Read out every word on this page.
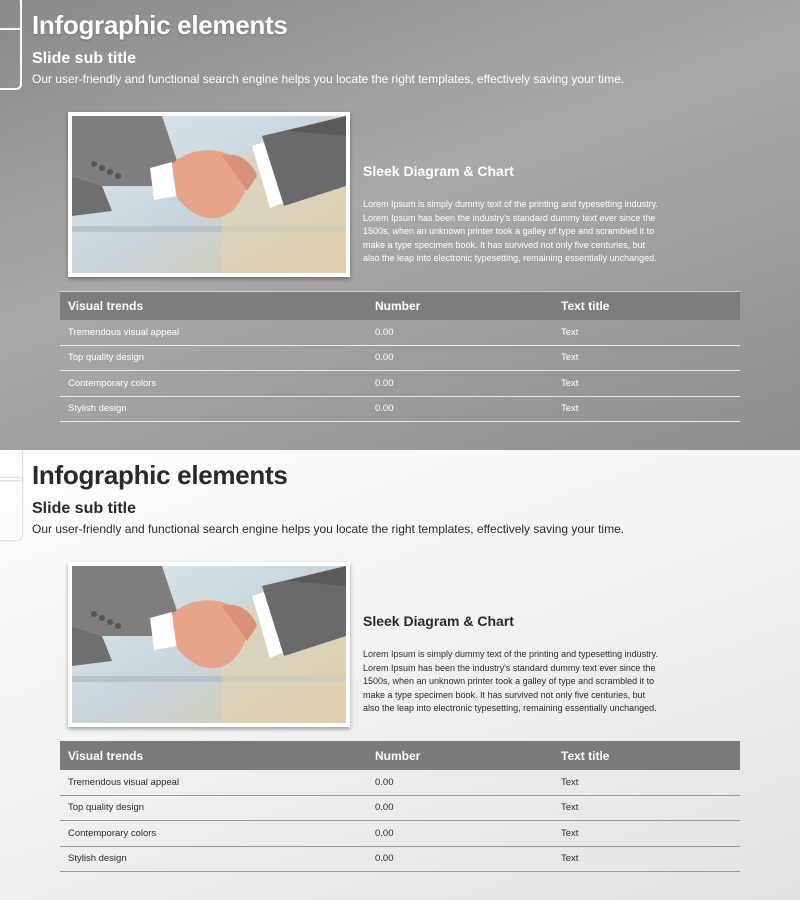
Infographic elements
Slide sub title

Our user-friendly and functional search engine helps you locate the right templates, effectively saving your time.

Sleek Diagram & Chart

Lorem Ipsum is simply dummy text of the printing and typesetting industry. Lorem Ipsum has been the industry's standard dummy text ever since the 1500s, when an unknown printer took a galley of type and scrambled it to make a type specimen book. It has survived not only five centuries, but also the leap into electronic typesetting, remaining essentially unchanged.

Visual trends	Number	Text title
Tremendous visual appeal	0.00	Text
Top quality design	0.00	Text
Contemporary colors	0.00	Text
Stylish design	0.00	Text
Infographic elements
Slide sub title

Our user-friendly and functional search engine helps you locate the right templates, effectively saving your time.

Sleek Diagram & Chart

Lorem Ipsum is simply dummy text of the printing and typesetting industry. Lorem Ipsum has been the industry's standard dummy text ever since the 1500s, when an unknown printer took a galley of type and scrambled it to make a type specimen book. It has survived not only five centuries, but also the leap into electronic typesetting, remaining essentially unchanged.

Visual trends	Number	Text title
Tremendous visual appeal	0.00	Text
Top quality design	0.00	Text
Contemporary colors	0.00	Text
Stylish design	0.00	Text
